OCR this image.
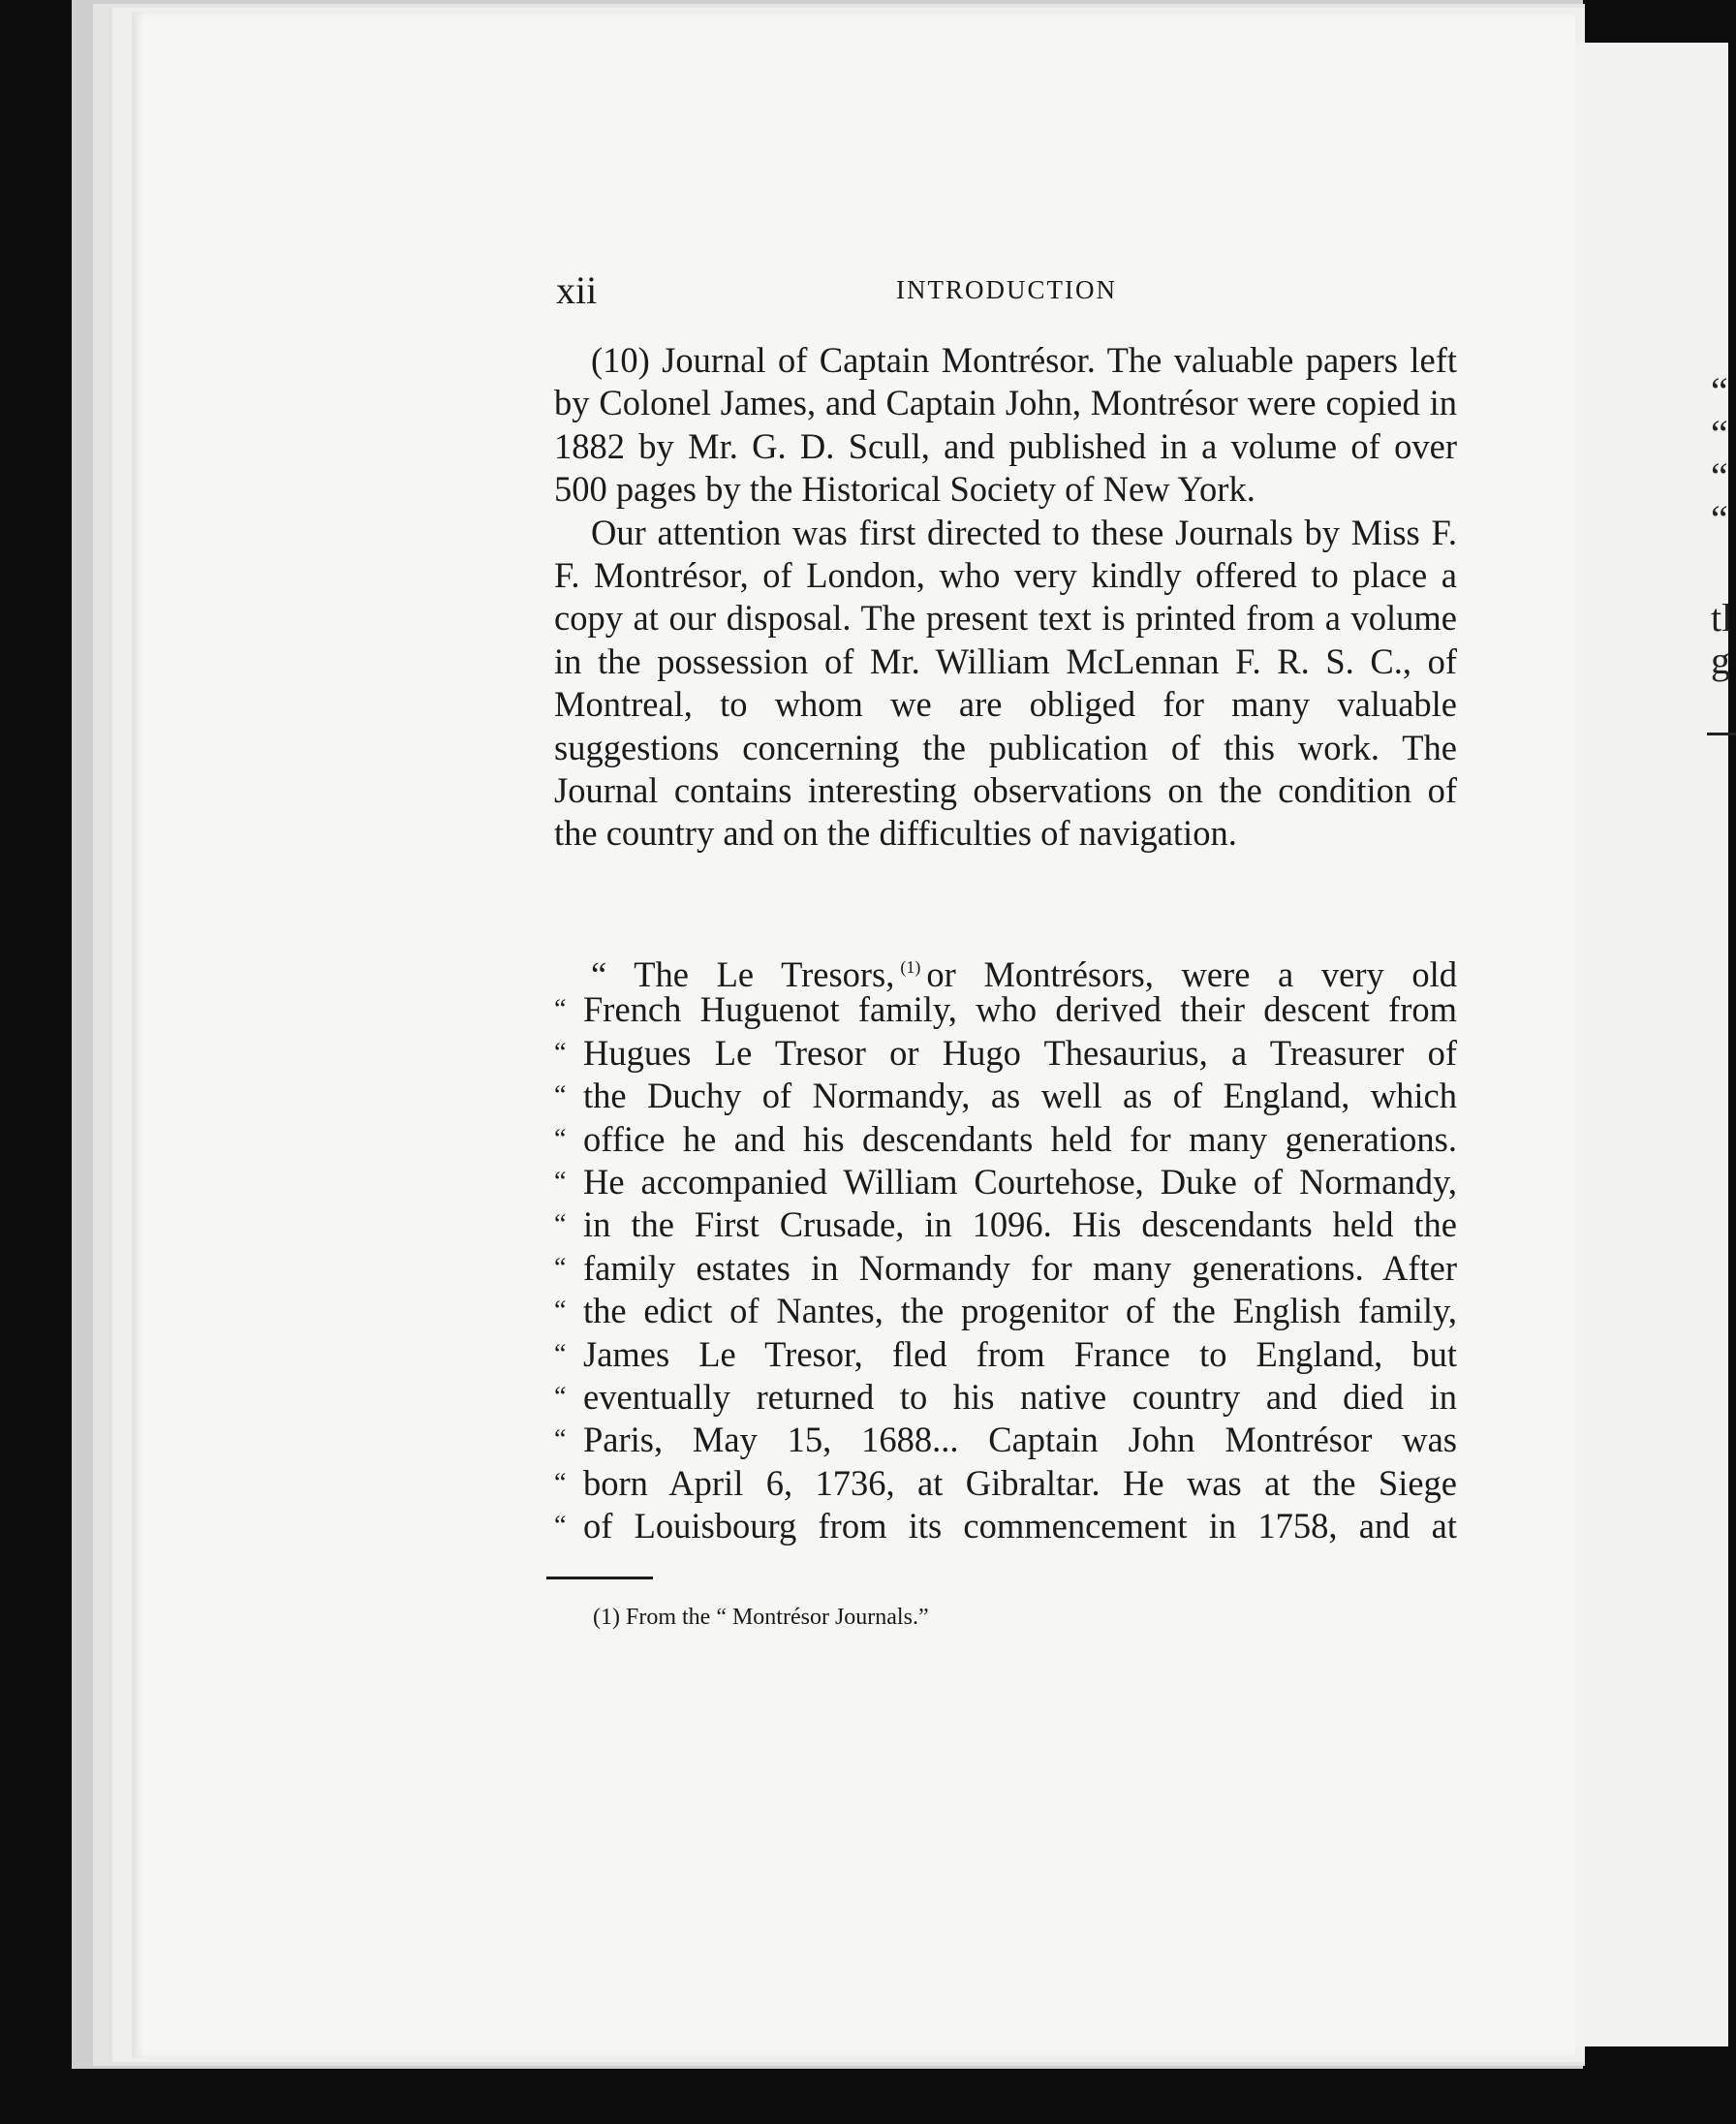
“
“
“
“
tl
g
xii	INTRODUCTION

(10) Journal of Captain Montrésor. The valuable papers left by Colonel James, and Captain John, Montrésor were copied in 1882 by Mr. G. D. Scull, and published in a volume of over 500 pages by the Historical Society of New York.

Our attention was first directed to these Journals by Miss F. F. Montrésor, of London, who very kindly offered to place a copy at our disposal. The present text is printed from a volume in the possession of Mr. William McLennan F. R. S. C., of Montreal, to whom we are obliged for many valuable suggestions concerning the publication of this work. The Journal contains interesting observations on the condition of the country and on the difficulties of navigation.

“ The Le Tresors, $^{(1)}$ or Montrésors, were a very old
“ French Huguenot family, who derived their descent from
“ Hugues Le Tresor or Hugo Thesaurius, a Treasurer of
“ the Duchy of Normandy, as well as of England, which
“ office he and his descendants held for many generations.
“ He accompanied William Courtehose, Duke of Normandy,
“ in the First Crusade, in 1096. His descendants held the
“ family estates in Normandy for many generations. After
“ the edict of Nantes, the progenitor of the English family,
“ James Le Tresor, fled from France to England, but
“ eventually returned to his native country and died in
“ Paris, May 15, 1688... Captain John Montrésor was
“ born April 6, 1736, at Gibraltar. He was at the Siege
“ of Louisbourg from its commencement in 1758, and at
(1) From the “ Montrésor Journals.”
